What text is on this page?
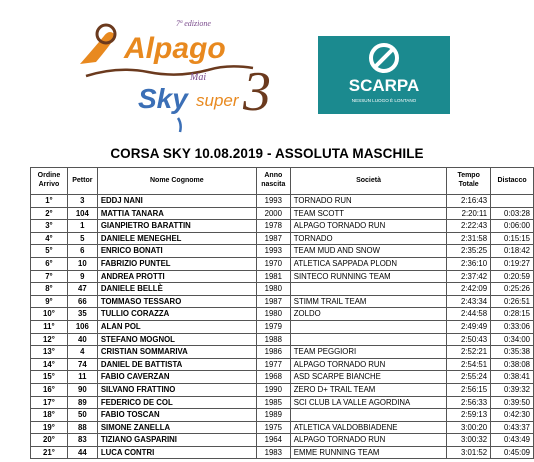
7ª edizione
Alpago
Mai
Sky super 3	SCARPA
NESSUN LUOGO È LONTANO
CORSA SKY 10.08.2019 - ASSOLUTA MASCHILE
Ordine Arrivo	Pettor	Nome Cognome	Anno nascita	Società	Tempo Totale	Distacco
1°	3	EDDJ NANI	1993	TORNADO RUN	2:16:43	
2°	104	MATTIA TANARA	2000	TEAM SCOTT	2:20:11	0:03:28
3°	1	GIANPIETRO BARATTIN	1978	ALPAGO TORNADO RUN	2:22:43	0:06:00
4°	5	DANIELE MENEGHEL	1987	TORNADO	2:31:58	0:15:15
5°	6	ENRICO BONATI	1993	TEAM MUD AND SNOW	2:35:25	0:18:42
6°	10	FABRIZIO PUNTEL	1970	ATLETICA SAPPADA PLODN	2:36:10	0:19:27
7°	9	ANDREA PROTTI	1981	SINTECO RUNNING TEAM	2:37:42	0:20:59
8°	47	DANIELE BELLÈ	1980		2:42:09	0:25:26
9°	66	TOMMASO TESSARO	1987	STIMM TRAIL TEAM	2:43:34	0:26:51
10°	35	TULLIO CORAZZA	1980	ZOLDO	2:44:58	0:28:15
11°	106	ALAN POL	1979		2:49:49	0:33:06
12°	40	STEFANO MOGNOL	1988		2:50:43	0:34:00
13°	4	CRISTIAN SOMMARIVA	1986	TEAM PEGGIORI	2:52:21	0:35:38
14°	74	DANIEL DE BATTISTA	1977	ALPAGO TORNADO RUN	2:54:51	0:38:08
15°	11	FABIO CAVERZAN	1968	ASD SCARPE BIANCHE	2:55:24	0:38:41
16°	90	SILVANO FRATTINO	1990	ZERO D+ TRAIL TEAM	2:56:15	0:39:32
17°	89	FEDERICO DE COL	1985	SCI CLUB LA VALLE AGORDINA	2:56:33	0:39:50
18°	50	FABIO TOSCAN	1989		2:59:13	0:42:30
19°	88	SIMONE ZANELLA	1975	ATLETICA VALDOBBIADENE	3:00:20	0:43:37
20°	83	TIZIANO GASPARINI	1964	ALPAGO TORNADO RUN	3:00:32	0:43:49
21°	44	LUCA CONTRI	1983	EMME RUNNING TEAM	3:01:52	0:45:09
